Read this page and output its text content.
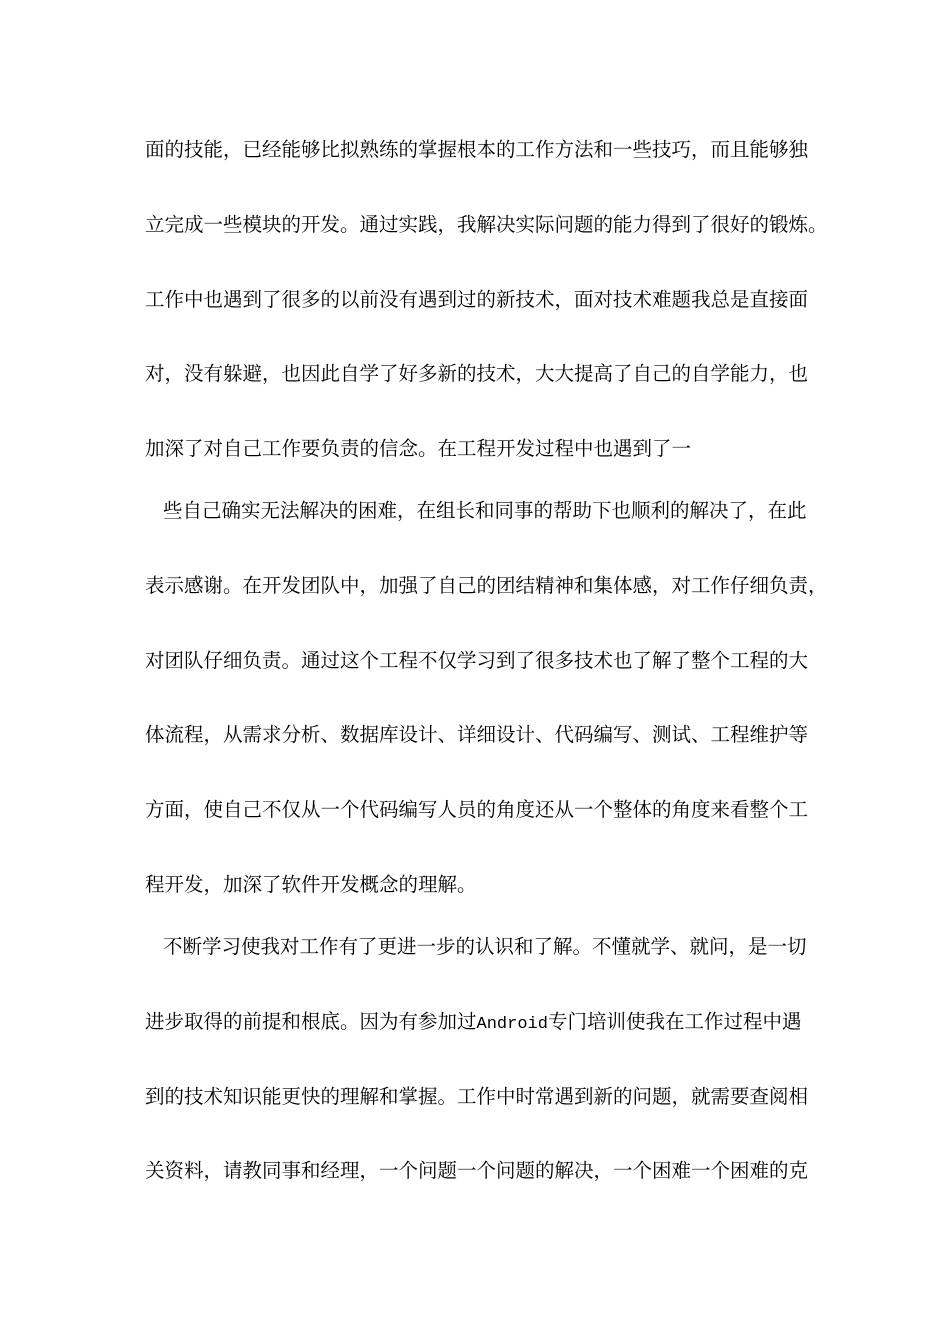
面的技能，已经能够比拟熟练的掌握根本的工作方法和一些技巧，而且能够独
立完成一些模块的开发。通过实践，我解决实际问题的能力得到了很好的锻炼。
工作中也遇到了很多的以前没有遇到过的新技术，面对技术难题我总是直接面
对，没有躲避，也因此自学了好多新的技术，大大提高了自己的自学能力，也
加深了对自己工作要负责的信念。在工程开发过程中也遇到了一
些自己确实无法解决的困难，在组长和同事的帮助下也顺利的解决了，在此
表示感谢。在开发团队中，加强了自己的团结精神和集体感，对工作仔细负责，
对团队仔细负责。通过这个工程不仅学习到了很多技术也了解了整个工程的大
体流程，从需求分析、数据库设计、详细设计、代码编写、测试、工程维护等
方面，使自己不仅从一个代码编写人员的角度还从一个整体的角度来看整个工
程开发，加深了软件开发概念的理解。
不断学习使我对工作有了更进一步的认识和了解。不懂就学、就问，是一切
进步取得的前提和根底。因为有参加过Android专门培训使我在工作过程中遇
到的技术知识能更快的理解和掌握。工作中时常遇到新的问题，就需要查阅相
关资料，请教同事和经理，一个问题一个问题的解决，一个困难一个困难的克
